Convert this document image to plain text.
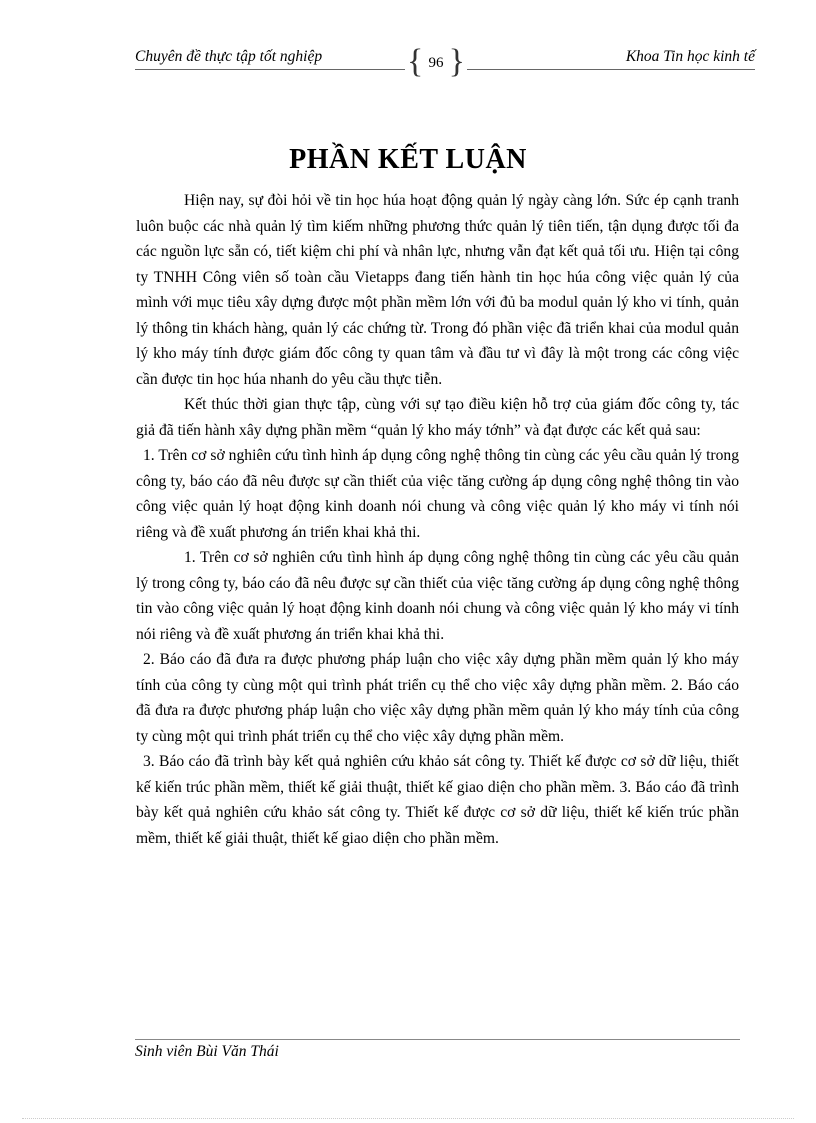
Chuyên đề thực tập tốt nghiệp { 96 }	Khoa Tin học kinh tế
PHẦN KẾT LUẬN

Hiện nay, sự đòi hỏi về tin học húa hoạt động quản lý ngày càng lớn. Sức ép cạnh tranh luôn buộc các nhà quản lý tìm kiếm những phương thức quản lý tiên tiến, tận dụng được tối đa các nguồn lực sẵn có, tiết kiệm chi phí và nhân lực, nhưng vẫn đạt kết quả tối ưu. Hiện tại công ty TNHH Công viên số toàn cầu Vietapps đang tiến hành tin học húa công việc quản lý của mình với mục tiêu xây dựng được một phần mềm lớn với đủ ba modul quản lý kho vi tính, quản lý thông tin khách hàng, quản lý các chứng từ. Trong đó phần việc đã triển khai của modul quản lý kho máy tính được giám đốc công ty quan tâm và đầu tư vì đây là một trong các công việc cần được tin học húa nhanh do yêu cầu thực tiễn.

Kết thúc thời gian thực tập, cùng với sự tạo điều kiện hỗ trợ của giám đốc công ty, tác giả đã tiến hành xây dựng phần mềm “quản lý kho máy tớnh” và đạt được các kết quả sau:

1. Trên cơ sở nghiên cứu tình hình áp dụng công nghệ thông tin cùng các yêu cầu quản lý trong công ty, báo cáo đã nêu được sự cần thiết của việc tăng cường áp dụng công nghệ thông tin vào công việc quản lý hoạt động kinh doanh nói chung và công việc quản lý kho máy vi tính nói riêng và đề xuất phương án triển khai khả thi.

1. Trên cơ sở nghiên cứu tình hình áp dụng công nghệ thông tin cùng các yêu cầu quản lý trong công ty, báo cáo đã nêu được sự cần thiết của việc tăng cường áp dụng công nghệ thông tin vào công việc quản lý hoạt động kinh doanh nói chung và công việc quản lý kho máy vi tính nói riêng và đề xuất phương án triển khai khả thi.

2. Báo cáo đã đưa ra được phương pháp luận cho việc xây dựng phần mềm quản lý kho máy tính của công ty cùng một qui trình phát triển cụ thể cho việc xây dựng phần mềm. 2. Báo cáo đã đưa ra được phương pháp luận cho việc xây dựng phần mềm quản lý kho máy tính của công ty cùng một qui trình phát triển cụ thể cho việc xây dựng phần mềm.

3. Báo cáo đã trình bày kết quả nghiên cứu khảo sát công ty. Thiết kế được cơ sở dữ liệu, thiết kế kiến trúc phần mềm, thiết kế giải thuật, thiết kế giao diện cho phần mềm. 3. Báo cáo đã trình bày kết quả nghiên cứu khảo sát công ty. Thiết kế được cơ sở dữ liệu, thiết kế kiến trúc phần mềm, thiết kế giải thuật, thiết kế giao diện cho phần mềm.

Sinh viên Bùi Văn Thái
